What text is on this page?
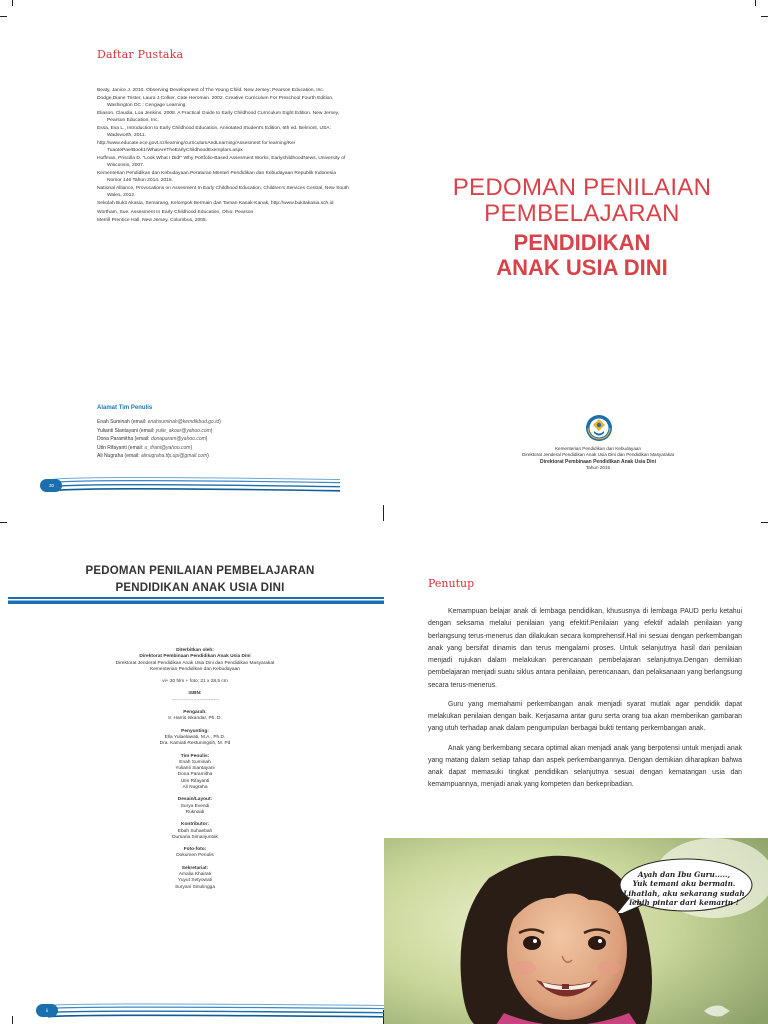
Daftar Pustaka
Beaty, Janice J. 2010. Observing Development of The Young Child. New Jersey: Pearson Education, Inc.
Dodge,Diane Trister, Laura J.Colker, Cate Heroman. 2002. Creative Curriculum For Preschool Fourth Edition, Washington DC : Cengage Learning.
Eliason, Claudia, Loa Jenkins. 2008. A Practical Guide to Early Childhood Curriculum Eight Edition. New Jersey, Pearson Education, Inc.
Essa, Eva L., Introduction to Early Childhood Education, Annotated Student's Edition, 6th ed. Belmont, USA: Wadsworth, 2011.
http://www.educate.ece.govt.nz/learning/curriculumAndLearning/Assesment for learning/Kei TuaotePae/Book1/WhatAreTheEarlyChildhoodExemplars.aspx
Huffman, Priscilla D. "Look What I Did!" Why Portfolio-Based Assesment Works, EarlyshildhoodNews, University of Wisconsin, 2007.
Kementerian Pendidikan dan Kebudayaan.Peraturan Menteri Pendidikan dan Kebudayaan Republik Indonesia Nomor 146 Tahun 2014. 2015.
National Alliance, Provocations on Assesment In Early Childhood Education, Children's Services Central, New South Wales, 2012.
Sekolah Bukit Akasia, Semarang, Kelompok Bermain dan Taman Kanak-Kanak, http://www.bukitakasia.sch.id
Wortham, Sue. Assesment In Early Childhood Education, Ohio: Pearson
Merrill Prentice Hall, New Jersey, Columbus, 2005.
Alamat Tim Penulis
Enah Suminah (email: enahsuminah@kemdikbud.go.id)
Yulianti Siantayani (email: yulie_akoar@yahoo.com)
Dona Paramitha (email: donaparam@yahoo.com)
Utin Rifayanti (email: u_ifrani@yahoo.com)
Ali Nugraha (email: alinugraha.tfp.upi@gmail.com)
30
PEDOMAN PENILAIAN
PEMBELAJARAN
PENDIDIKAN
ANAK USIA DINI
Kementerian Pendidikan dan Kebudayaan
Direktorat Jenderal Pendidikan Anak Usia Dini dan Pendidikan Masyarakat
Direktorat Pembinaan Pendidikan Anak Usia Dini
Tahun 2015
PEDOMAN PENILAIAN PEMBELAJARAN
PENDIDIKAN ANAK USIA DINI
Diterbitkan oleh:
Direktorat Pembinaan Pendidikan Anak Usia Dini
Direktorat Jenderal Pendidikan Anak Usia Dini dan Pendidikan Masyarakat
Kementerian Pendidikan dan Kebudayaan
vi+ 30 hlm + foto; 21 x 28,5 cm
ISBN:
~~~~~~~~~~~~~~~~~
Pengarah:
Ir. Harris Iskandar, Ph. D.
Penyunting:
Ella Yulaelawati, M.A., Ph.D.
Dra. Kamiati Restuningsih, M. Pd
Tim Penulis:
Enah Suminah
Yulianti Siantayani
Dona Paramitha
Utin Rifayanti
Ali Nugraha
Desain/Layout:
Surya Evendi
Ruknaidi
Kontributor:
Ebah Suhaebah
Dumaria Simanjuntak
Foto-foto:
Dokumen Penulis
Sekretariat:
Amalia Khairati
Yuyut Setyowati
Suryani Sinulingga
ii
Penutup

Kemampuan belajar anak di lembaga pendidikan, khususnya di lembaga PAUD perlu ketahui dengan seksama melalui penilaian yang efektif.Penilaian yang efektif adalah penilaian yang berlangsung terus-menerus dan dilakukan secara komprehensif.Hal ini sesuai dengan perkembangan anak yang bersifat dinamis dan terus mengalami proses. Untuk selanjutnya hasil dari penilaian menjadi rujukan dalam melakukan perencanaan pembelajaran selanjutnya.Dengan demikian pembelajaran menjadi suatu siklus antara penilaian, perencanaan, dan pelaksanaan yang berlangsung secara terus-menerus.

Guru yang memahami perkembangan anak menjadi syarat mutlak agar pendidik dapat melakukan penilaian dengan baik. Kerjasama antar guru serta orang tua akan memberikan gambaran yang utuh terhadap anak dalam pengumpulan berbagai bukti tentang perkembangan anak.

Anak yang berkembang secara optimal akan menjadi anak yang berpotensi untuk menjadi anak yang matang dalam setiap tahap dan aspek perkembangannya. Dengan demikian diharapkan bahwa anak dapat memasuki tingkat pendidikan selanjutnya sesuai dengan kematangan usia dan kemampuannya, menjadi anak yang kompeten dan berkepribadian.

Ayah dan Ibu Guru.....,
Yuk temani aku bermain.
Lihatlah, aku sekarang sudah
lebih pintar dari kemarin !
